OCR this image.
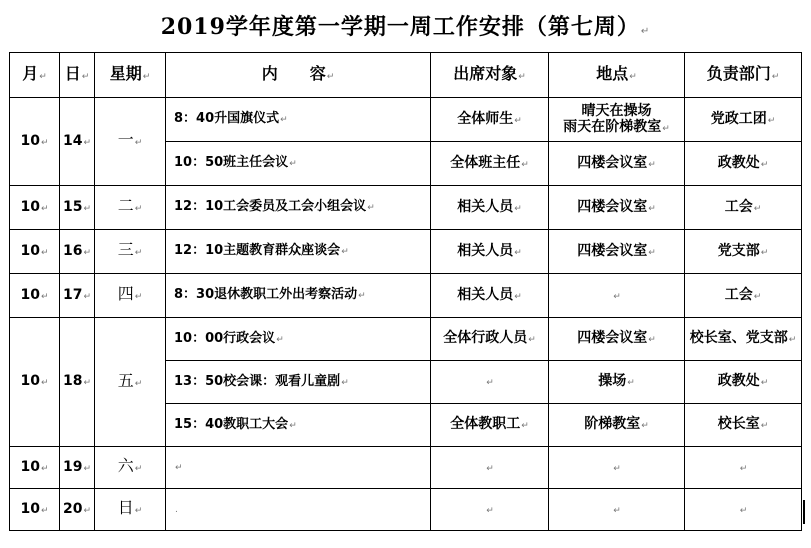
2019学年度第一学期一周工作安排（第七周）↵
月↵	日↵	星期↵	内　　容↵	出席对象↵	地点↵	负责部门↵
10↵	14↵	一↵	8：40升国旗仪式↵	全体师生↵	晴天在操场
雨天在阶梯教室↵	党政工团↵
			10：50班主任会议↵	全体班主任↵	四楼会议室↵	政教处↵
10↵	15↵	二↵	12：10工会委员及工会小组会议↵	相关人员↵	四楼会议室↵	工会↵
10↵	16↵	三↵	12：10主题教育群众座谈会↵	相关人员↵	四楼会议室↵	党支部↵
10↵	17↵	四↵	8：30退休教职工外出考察活动↵	相关人员↵	↵	工会↵
10↵	18↵	五↵	10：00行政会议↵	全体行政人员↵	四楼会议室↵	校长室、党支部↵
			13：50校会课：观看儿童剧↵	↵	操场↵	政教处↵
			15：40教职工大会↵	全体教职工↵	阶梯教室↵	校长室↵
10↵	19↵	六↵	↵	↵	↵	↵
10↵	20↵	日↵	.	↵	↵	↵
